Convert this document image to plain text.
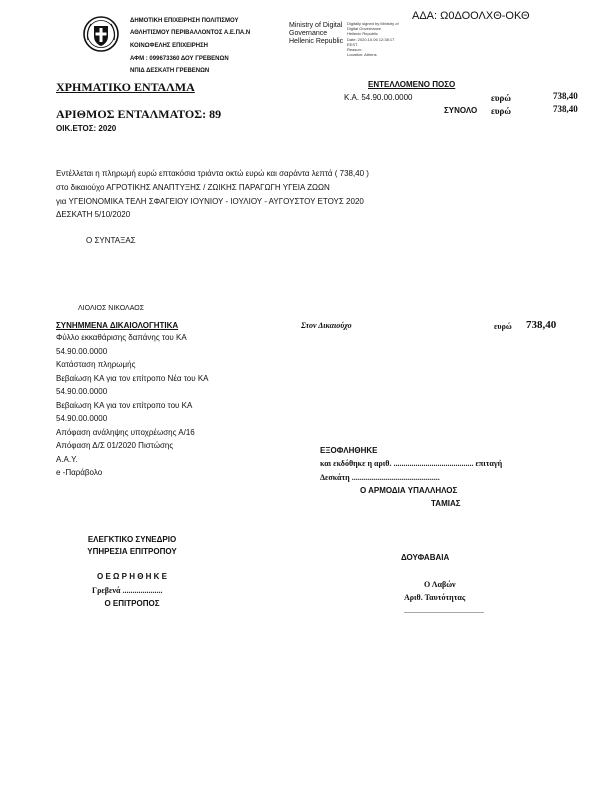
ΑΔΑ: Ω0ΔΟΟΛΧΘ-ΟΚΘ
ΔΗΜΟΤΙΚΗ ΕΠΙΧΕΙΡΗΣΗ ΠΟΛΙΤΙΣΜΟΥ
ΑΘΛΗΤΙΣΜΟΥ ΠΕΡΙΒΑΛΛΟΝΤΟΣ Α.Ε.ΠΑ.Ν
ΚΟΙΝΩΦΕΛΗΣ ΕΠΙΧΕΙΡΗΣΗ
ΑΦΜ : 099673360 ΔΟΥ ΓΡΕΒΕΝΩΝ
ΝΠΙΔ ΔΕΣΚΑΤΗ ΓΡΕΒΕΝΩΝ
Ministry of Digital
Governance
Hellenic Republic
Digitally signed by Ministry of
Digital Governance
Hellenic Republic
Date: 2020.10.06 12:38:17
EEST
Reason:
Location: Athens
ΧΡΗΜΑΤΙΚΟ ΕΝΤΑΛΜΑ	ΕΝΤΕΛΛΟΜΕΝΟ ΠΟΣΟ
Κ.Α. 54.90.00.0000	ευρώ	738,40
ΣΥΝΟΛΟ ευρώ	738,40
ΑΡΙΘΜΟΣ ΕΝΤΑΛΜΑΤΟΣ: 89
ΟΙΚ.ΕΤΟΣ: 2020
Εντέλλεται η πληρωμή ευρώ επτακόσια τριάντα οκτώ ευρώ και σαράντα λεπτά ( 738,40 )
στο δικαιούχο ΑΓΡΟΤΙΚΗΣ ΑΝΑΠΤΥΞΗΣ / ΖΩΙΚΗΣ ΠΑΡΑΓΩΓΗ ΥΓΕΙΑ ΖΩΩΝ
για ΥΓΕΙΟΝΟΜΙΚΑ ΤΕΛΗ ΣΦΑΓΕΙΟΥ ΙΟΥΝΙΟΥ - ΙΟΥΛΙΟΥ - ΑΥΓΟΥΣΤΟΥ ΕΤΟΥΣ 2020
ΔΕΣΚΑΤΗ 5/10/2020
Ο ΣΥΝΤΑΞΑΣ
ΛΙΟΛΙΟΣ ΝΙΚΟΛΑΟΣ
ΣΥΝΗΜΜΕΝΑ ΔΙΚΑΙΟΛΟΓΗΤΙΚΑ	Στον Δικαιούχο	ευρώ 738,40
Φύλλο εκκαθάρισης δαπάνης του ΚΑ
54.90.00.0000
Κατάσταση πληρωμής
Βεβαίωση ΚΑ για τον επίτροπο Νέα του ΚΑ
54.90.00.0000
Βεβαίωση ΚΑ για τον επίτροπο του ΚΑ
54.90.00.0000
Απόφαση ανάληψης υποχρέωσης Α/16
Απόφαση Δ/Σ 01/2020 Πιστώσης
Α.Α.Υ.
e -Παράβολο
ΕΞΟΦΛΗΘΗΚΕ
και εκδόθηκε η αριθ. ........................................ επιταγή
Δεσκάτη ............................................
Ο ΑΡΜΟΔΙΑ ΥΠΑΛΛΗΛΟΣ
ΤΑΜΙΑΣ
ΕΛΕΓΚΤΙΚΟ ΣΥΝΕΔΡΙΟ
ΥΠΗΡΕΣΙΑ ΕΠΙΤΡΟΠΟΥ
Ο Ε Ω Ρ Η Θ Η Κ Ε
Γρεβενά ....................
Ο ΕΠΙΤΡΟΠΟΣ
ΔΟΥΦΑΒΑΙΑ
Ο Λαβών
Αριθ. Ταυτότητας
........................................
